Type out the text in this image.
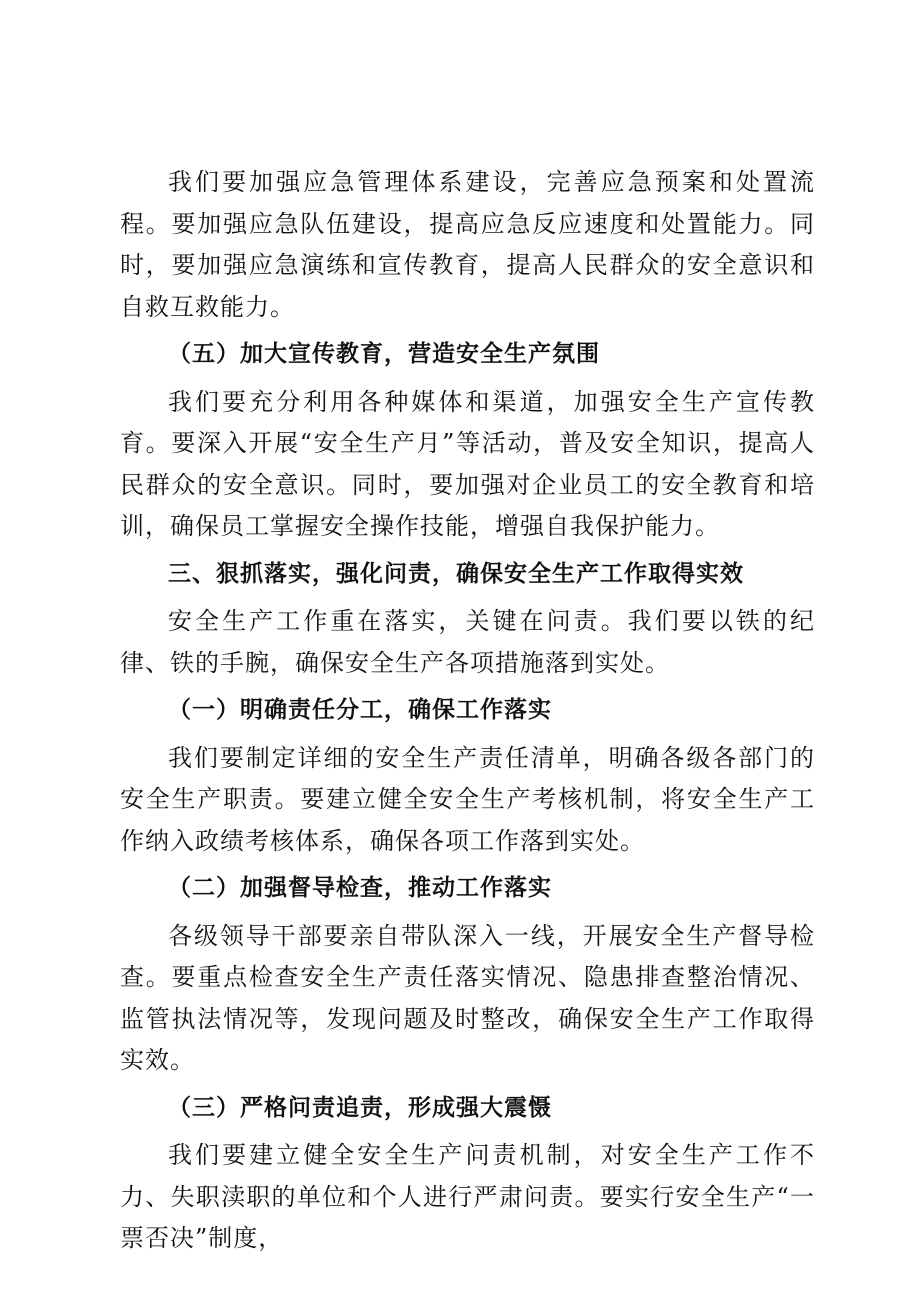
我们要加强应急管理体系建设，完善应急预案和处置流程。要加强应急队伍建设，提高应急反应速度和处置能力。同时，要加强应急演练和宣传教育，提高人民群众的安全意识和自救互救能力。

（五）加大宣传教育，营造安全生产氛围

我们要充分利用各种媒体和渠道，加强安全生产宣传教育。要深入开展“安全生产月”等活动，普及安全知识，提高人民群众的安全意识。同时，要加强对企业员工的安全教育和培训，确保员工掌握安全操作技能，增强自我保护能力。

三、狠抓落实，强化问责，确保安全生产工作取得实效

安全生产工作重在落实，关键在问责。我们要以铁的纪律、铁的手腕，确保安全生产各项措施落到实处。

（一）明确责任分工，确保工作落实

我们要制定详细的安全生产责任清单，明确各级各部门的安全生产职责。要建立健全安全生产考核机制，将安全生产工作纳入政绩考核体系，确保各项工作落到实处。

（二）加强督导检查，推动工作落实

各级领导干部要亲自带队深入一线，开展安全生产督导检查。要重点检查安全生产责任落实情况、隐患排查整治情况、监管执法情况等，发现问题及时整改，确保安全生产工作取得实效。

（三）严格问责追责，形成强大震慑

我们要建立健全安全生产问责机制，对安全生产工作不力、失职渎职的单位和个人进行严肃问责。要实行安全生产“一票否决”制度，
